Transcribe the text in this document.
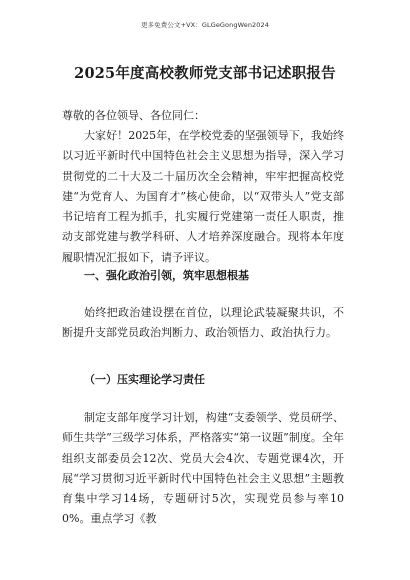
更多免费公文+VX：GLGeGongWen2024
2025年度高校教师党支部书记述职报告

尊敬的各位领导、各位同仁：

大家好！2025年，在学校党委的坚强领导下，我始终以习近平新时代中国特色社会主义思想为指导，深入学习贯彻党的二十大及二十届历次全会精神，牢牢把握高校党建“为党育人、为国育才”核心使命，以“双带头人”党支部书记培育工程为抓手，扎实履行党建第一责任人职责，推动支部党建与教学科研、人才培养深度融合。现将本年度履职情况汇报如下，请予评议。

一、强化政治引领，筑牢思想根基

始终把政治建设摆在首位，以理论武装凝聚共识，不断提升支部党员政治判断力、政治领悟力、政治执行力。

（一）压实理论学习责任

制定支部年度学习计划，构建“支委领学、党员研学、师生共学”三级学习体系，严格落实“第一议题”制度。全年组织支部委员会12次、党员大会4次、专题党课4次，开展“学习贯彻习近平新时代中国特色社会主义思想”主题教育集中学习14场，专题研讨5次，实现党员参与率100%。重点学习《教
